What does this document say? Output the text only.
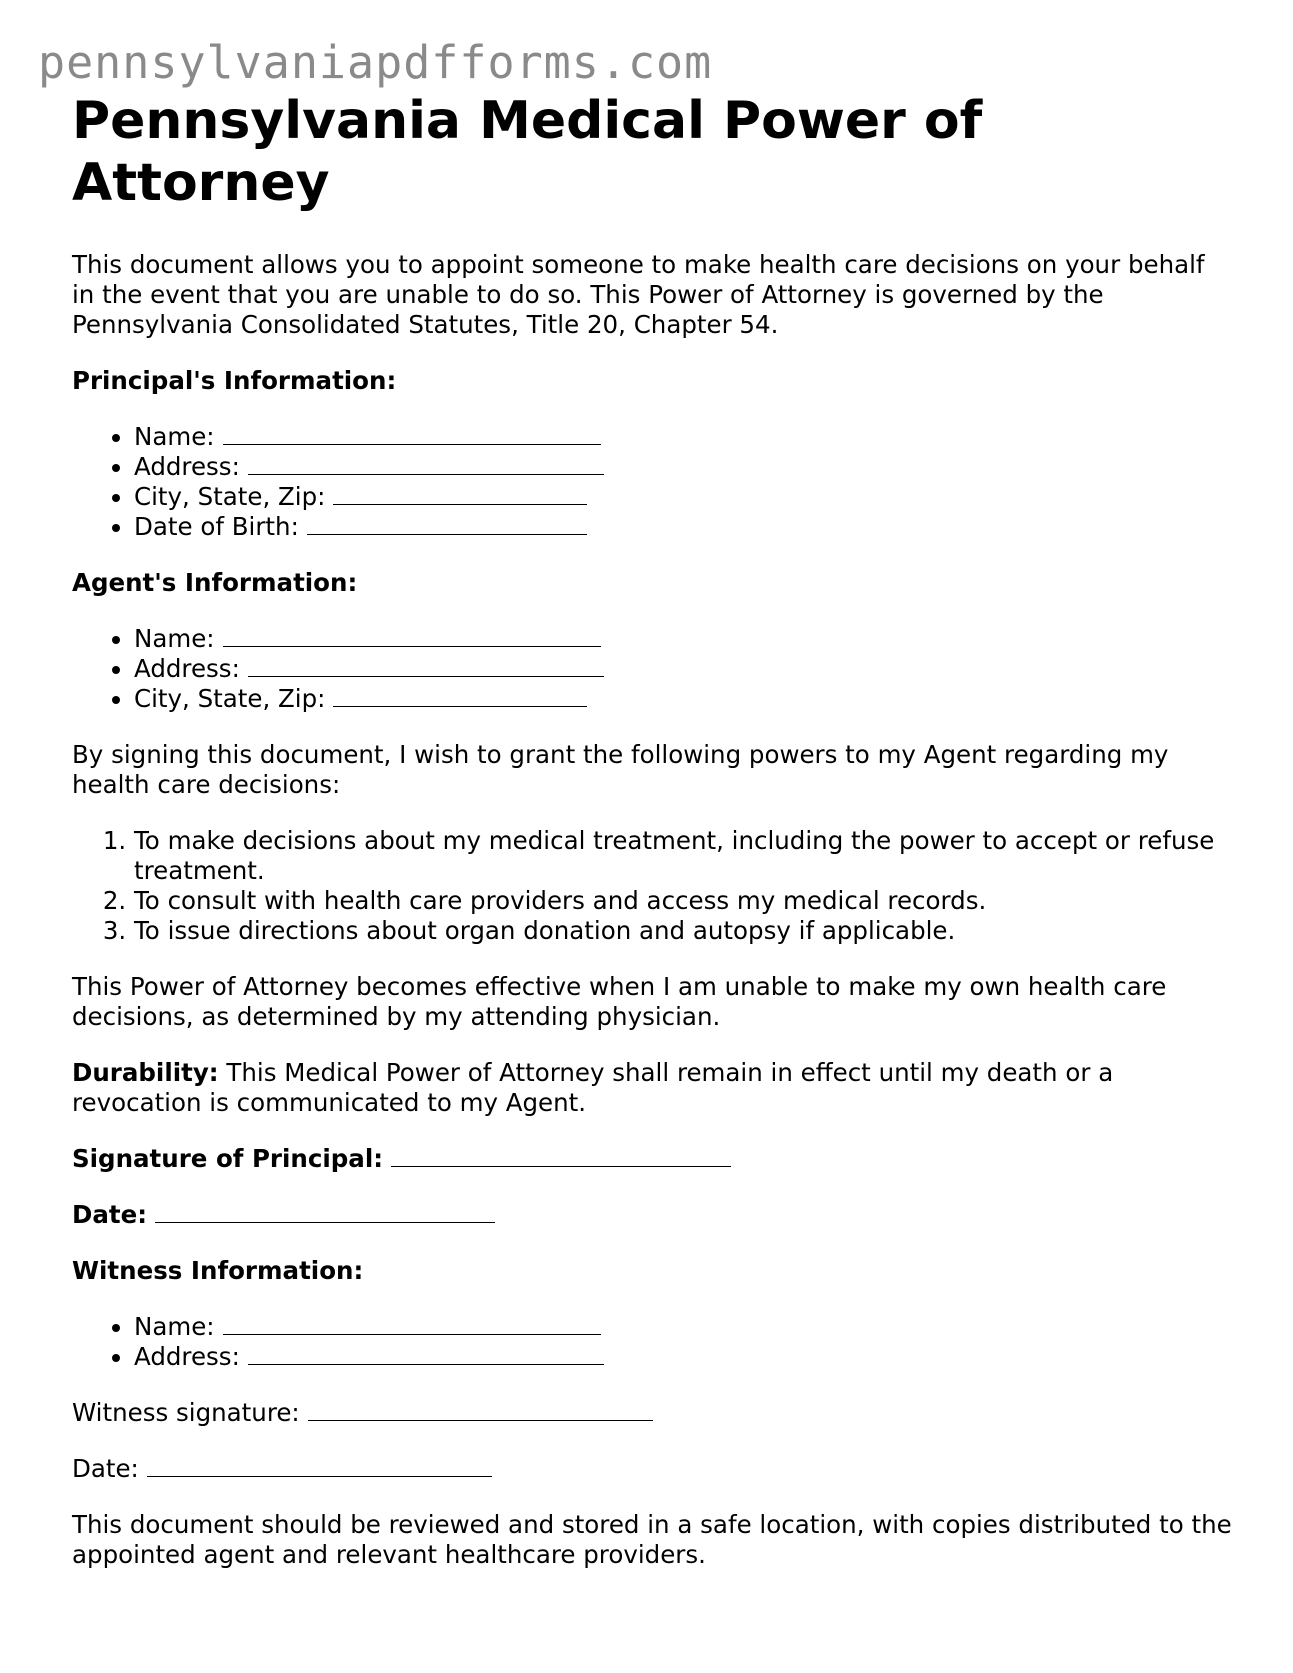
pennsylvaniapdfforms.com
Pennsylvania Medical Power of Attorney

This document allows you to appoint someone to make health care decisions on your behalf in the event that you are unable to do so. This Power of Attorney is governed by the Pennsylvania Consolidated Statutes, Title 20, Chapter 54.

Principal's Information:

• Name:
• Address:
• City, State, Zip:
• Date of Birth:

Agent's Information:

• Name:
• Address:
• City, State, Zip:

By signing this document, I wish to grant the following powers to my Agent regarding my health care decisions:

1. To make decisions about my medical treatment, including the power to accept or refuse treatment.
2. To consult with health care providers and access my medical records.
3. To issue directions about organ donation and autopsy if applicable.

This Power of Attorney becomes effective when I am unable to make my own health care decisions, as determined by my attending physician.

Durability: This Medical Power of Attorney shall remain in effect until my death or a revocation is communicated to my Agent.

Signature of Principal:

Date:

Witness Information:

• Name:
• Address:

Witness signature:

Date:

This document should be reviewed and stored in a safe location, with copies distributed to the appointed agent and relevant healthcare providers.
